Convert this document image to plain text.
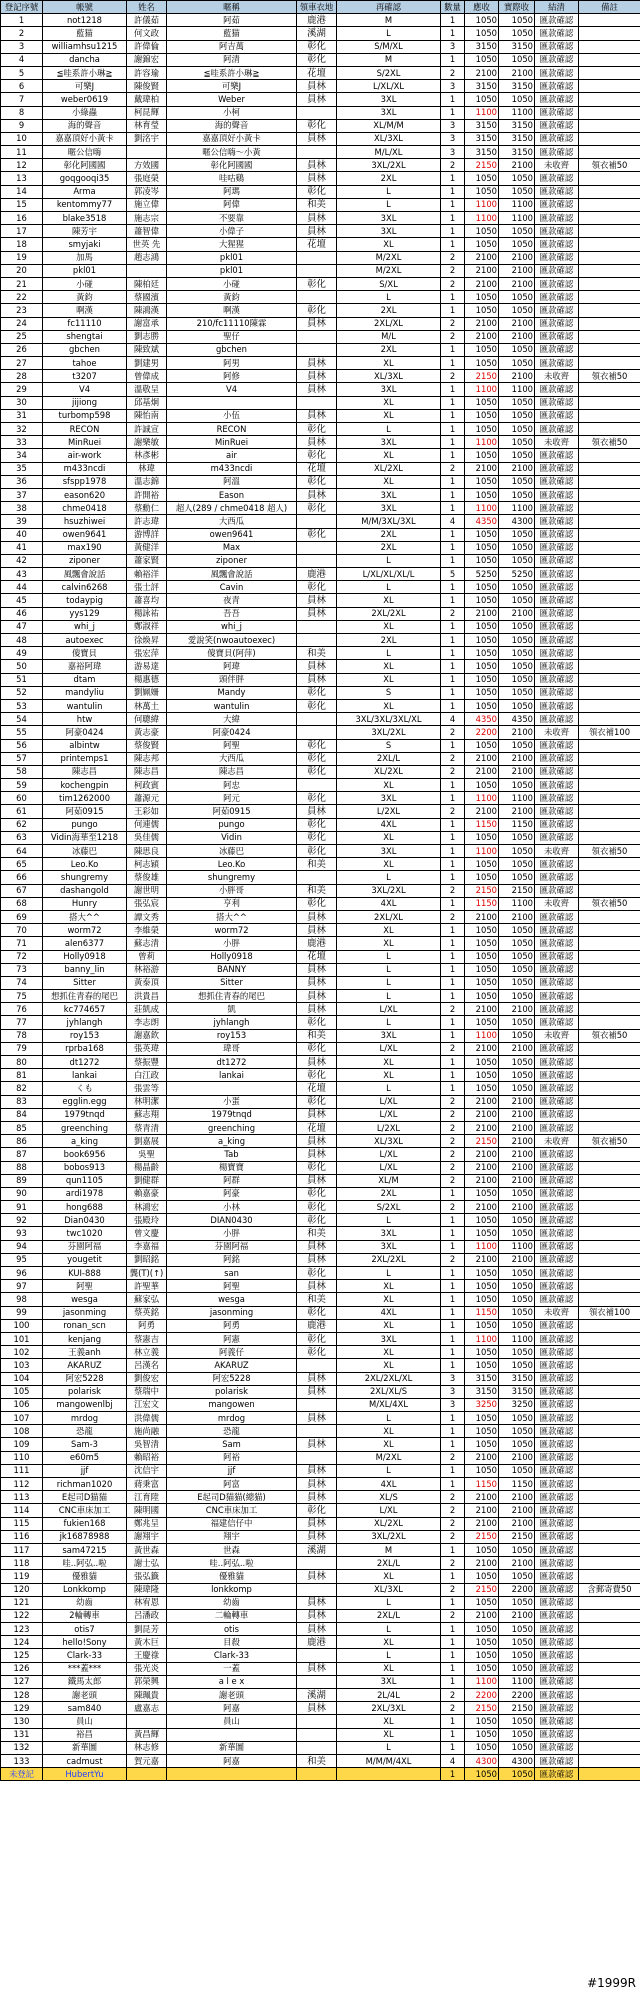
登記序號	帳號	姓名	暱稱	領車衣地	再確認	數量	應收	實際收	結清	備註
1	not1218	許儀茹	阿茹	鹿港	M	1	1050	1050	匯款確認	
2	藍猫	何文政	藍猫	溪湖	L	1	1050	1050	匯款確認	
3	williamhsu1215	許偉倫	阿吉萬	彰化	S/M/XL	3	3150	3150	匯款確認	
4	dancha	謝錦宏	阿清	彰化	M	1	1050	1050	匯款確認	
5	≦哇系許小琳≧	許容瑜	≦哇系許小琳≧	花壇	S/2XL	2	2100	2100	匯款確認	
6	可樂J	陳俊賢	可樂J	員林	L/XL/XL	3	3150	3150	匯款確認	
7	weber0619	戴瑋柏	Weber	員林	3XL	1	1050	1050	匯款確認	
8	小綠蟲	柯昆輝	小柯		3XL	1	1100	1100	匯款確認	
9	海的聲音	林育瑩	海的聲音	彰化	XL/M/M	3	3150	3150	匯款確認	
10	嘉嘉頂好小黃卡	劉洺宇	嘉嘉頂好小黃卡	員林	XL/3XL	3	3150	3150	匯款確認	
11	暱公信嗨		暱公信嗨～小黃		M/L/XL	3	3150	3150	匯款確認	
12	彰化阿國國	方效國	彰化阿國國	員林	3XL/2XL	2	2150	2100	未收齊	領衣補50
13	goqgooqi35	張庭榮	哇咕鷄	員林	2XL	1	1050	1050	匯款確認	
14	Arma	郭凌岑	阿瑪	彰化	L	1	1050	1050	匯款確認	
15	kentommy77	施立偉	阿偉	和美	L	1	1100	1100	匯款確認	
16	blake3518	施志宗	不要靠	員林	3XL	1	1100	1100	匯款確認	
17	陳芳宇	蕭智偉	小偉子	員林	3XL	1	1050	1050	匯款確認	
18	smyjaki	世英 先	大猩猩	花壇	XL	1	1050	1050	匯款確認	
19	加馬	趙志鴻	pkl01		M/2XL	2	2100	2100	匯款確認	
20	pkl01		pkl01		M/2XL	2	2100	2100	匯款確認	
21	小碰	陳柏廷	小碰	彰化	S/XL	2	2100	2100	匯款確認	
22	黃鈞	蔡國濱	黃鈞		L	1	1050	1050	匯款確認	
23	啊漢	陳鴻漢	啊漢	彰化	2XL	1	1050	1050	匯款確認	
24	fc11110	謝富承	210/fc11110陳霖	員林	2XL/XL	2	2100	2100	匯款確認	
25	shengtai	劉志勝	聖仔		M/L	2	2100	2100	匯款確認	
26	gbchen	陳致斌	gbchen		2XL	1	1050	1050	匯款確認	
27	tahoe	劉建男	阿男	員林	XL	1	1050	1050	匯款確認	
28	t3207	曾偉成	阿修	員林	XL/3XL	2	2150	2100	未收齊	領衣補50
29	V4	溫敬呈	V4	員林	3XL	1	1100	1100	匯款確認	
30	jijiong	邱基炯			XL	1	1050	1050	匯款確認	
31	turbomp598	陳怡南	小伍	員林	XL	1	1050	1050	匯款確認	
32	RECON	許誠宣	RECON	彰化	L	1	1050	1050	匯款確認	
33	MinRuei	謝樂敏	MinRuei	員林	3XL	1	1100	1050	未收齊	領衣補50
34	air-work	林彥彬	air	彰化	XL	1	1050	1050	匯款確認	
35	m433ncdi	林瑋	m433ncdi	花壇	XL/2XL	2	2100	2100	匯款確認	
36	sfspp1978	溫志錦	阿溫	彰化	XL	1	1050	1050	匯款確認	
37	eason620	許開裕	Eason	員林	3XL	1	1050	1050	匯款確認	
38	chme0418	蔡勳仁	超人(289 / chme0418 超人)	彰化	3XL	1	1100	1100	匯款確認	
39	hsuzhiwei	許志瑋	大西瓜		M/M/3XL/3XL	4	4350	4300	匯款確認	
40	owen9641	游博詳	owen9641	彰化	2XL	1	1050	1050	匯款確認	
41	max190	黃健洋	Max		2XL	1	1050	1050	匯款確認	
42	ziponer	蕭家賢	ziponer		L	1	1050	1050	匯款確認	
43	風飄會說話	賴裕洋	風飄會說話	鹿港	L/XL/XL/XL/L	5	5250	5250	匯款確認	
44	calvin6268	張士評	Cavin	彰化	L	1	1050	1050	匯款確認	
45	todaypig	蕭喜均	夜青	員林	XL	1	1050	1050	匯款確認	
46	yys129	楊詠祐	吾吾	員林	2XL/2XL	2	2100	2100	匯款確認	
47	whi_j	鄭淑祥	whi_j		XL	1	1050	1050	匯款確認	
48	autoexec	徐煥昇	愛說笑(nwoautoexec)		2XL	1	1050	1050	匯款確認	
49	傻寶貝	張宏萍	傻寶貝(阿萍)	和美	L	1	1050	1050	匯款確認	
50	嘉裕阿瑋	游易達	阿瑋	員林	XL	1	1050	1050	匯款確認	
51	dtam	楊惠德	頭伴胖	員林	XL	1	1050	1050	匯款確認	
52	mandyliu	劉姵姍	Mandy	彰化	S	1	1050	1050	匯款確認	
53	wantulin	林萬土	wantulin	彰化	XL	1	1050	1050	匯款確認	
54	htw	何聰緯	大緯		3XL/3XL/3XL/XL	4	4350	4350	匯款確認	
55	阿豪0424	黃志豪	阿豪0424		3XL/2XL	2	2200	2100	未收齊	領衣補100
56	albintw	蔡俊賢	阿聖	彰化	S	1	1050	1050	匯款確認	
57	printemps1	陳志邦	大西瓜	彰化	2XL/L	2	2100	2100	匯款確認	
58	陳志昌	陳志昌	陳志昌	彰化	XL/2XL	2	2100	2100	匯款確認	
59	kochengpin	柯政賓	阿忠		XL	1	1050	1050	匯款確認	
60	tim1262000	蕭源元	阿元	彰化	3XL	1	1100	1100	匯款確認	
61	阿茹0915	王彩如	阿茹0915	員林	L/2XL	2	2100	2100	匯款確認	
62	pungo	何連儒	pungo	彰化	4XL	1	1150	1150	匯款確認	
63	Vidin海華至1218	吳佳儒	Vidin	彰化	XL	1	1050	1050	匯款確認	
64	冰藤巴	陳思良	冰藤巴	彰化	3XL	1	1100	1050	未收齊	領衣補50
65	Leo.Ko	柯志穎	Leo.Ko	和美	XL	1	1050	1050	匯款確認	
66	shungremy	蔡俊雄	shungremy		L	1	1050	1050	匯款確認	
67	dashangold	謝世明	小胖哥	和美	3XL/2XL	2	2150	2150	匯款確認	
68	Hunry	張弘宸	亨利	彰化	4XL	1	1150	1100	未收齊	領衣補50
69	搭大^^	譚文秀	搭大^^	員林	2XL/XL	2	2100	2100	匯款確認	
70	worm72	李維榮	worm72	員林	XL	1	1050	1050	匯款確認	
71	alen6377	蘇志清	小胖	鹿港	XL	1	1050	1050	匯款確認	
72	Holly0918	曾莉	Holly0918	花壇	L	1	1050	1050	匯款確認	
73	banny_lin	林裕游	BANNY	員林	L	1	1050	1050	匯款確認	
74	Sitter	黃泰頂	Sitter	員林	L	1	1050	1050	匯款確認	
75	想抓住青春的尾巴	洪貴昌	想抓住青春的尾巴	員林	L	1	1050	1050	匯款確認	
76	kc774657	莊凱成	凱	員林	L/XL	2	2100	2100	匯款確認	
77	jyhlangh	李志朗	jyhlangh	彰化	L	1	1050	1050	匯款確認	
78	roy153	謝嘉欽	roy153	和美	3XL	1	1100	1050	未收齊	領衣補50
79	rprba168	張英瑋	瑋哥	彰化	L/XL	2	2100	2100	匯款確認	
80	dt1272	蔡振豐	dt1272	員林	XL	1	1050	1050	匯款確認	
81	lankai	白江政	lankai	彰化	XL	1	1050	1050	匯款確認	
82	くも	張雲等		花壇	L	1	1050	1050	匯款確認	
83	egglin.egg	林明潔	小蛋	彰化	L/XL	2	2100	2100	匯款確認	
84	1979tnqd	蘇志翔	1979tnqd	員林	L/XL	2	2100	2100	匯款確認	
85	greenching	蔡青清	greenching	花壇	L/2XL	2	2100	2100	匯款確認	
86	a_king	劉嘉展	a_king	員林	XL/3XL	2	2150	2100	未收齊	領衣補50
87	book6956	吳聖	Tab	員林	L/XL	2	2100	2100	匯款確認	
88	bobos913	楊晶齡	楊寶寶	彰化	L/XL	2	2100	2100	匯款確認	
89	qun1105	劉健群	阿群	員林	XL/M	2	2100	2100	匯款確認	
90	ardi1978	賴嘉豪	阿豪	彰化	2XL	1	1050	1050	匯款確認	
91	hong688	林鴻宏	小林	彰化	S/2XL	2	2100	2100	匯款確認	
92	Dian0430	張殿玲	DIAN0430	彰化	L	1	1050	1050	匯款確認	
93	twc1020	曾文慶	小胖	和美	3XL	1	1050	1050	匯款確認	
94	芬園阿福	李嘉福	芬園阿福	員林	3XL	1	1100	1100	匯款確認	
95	yougetit	劉昭銘	阿銘	員林	2XL/2XL	2	2100	2100	匯款確認	
96	KUI-888	龔(T)(↑)	san	彰化	L	1	1050	1050	匯款確認	
97	阿聖	許聖華	阿聖	員林	XL	1	1050	1050	匯款確認	
98	wesga	蘇家弘	wesga	和美	XL	1	1050	1050	匯款確認	
99	jasonming	蔡英銘	jasonming	彰化	4XL	1	1150	1050	未收齊	領衣補100
100	ronan_scn	阿勇	阿勇	鹿港	XL	1	1050	1050	匯款確認	
101	kenjang	蔡憲吉	阿憲	彰化	3XL	1	1100	1100	匯款確認	
102	王義anh	林立義	阿義仔	彰化	XL	1	1050	1050	匯款確認	
103	AKARUZ	呂漢名	AKARUZ		XL	1	1050	1050	匯款確認	
104	阿宏5228	劉俊宏	阿宏5228	員林	2XL/2XL/XL	3	3150	3150	匯款確認	
105	polarisk	蔡瑞中	polarisk	員林	2XL/XL/S	3	3150	3150	匯款確認	
106	mangowenlbj	江宏文	mangowen		M/XL/4XL	3	3250	3250	匯款確認	
107	mrdog	洪偉儒	mrdog	員林	L	1	1050	1050	匯款確認	
108	恐龍	施尚融	恐龍		XL	1	1050	1050	匯款確認	
109	Sam-3	吳智清	Sam	員林	XL	1	1050	1050	匯款確認	
110	e60m5	賴昭裕	阿裕		M/2XL	2	2100	2100	匯款確認	
111	jjf	沈信宇	jjf	員林	L	1	1050	1050	匯款確認	
112	richman1020	蔣秉富	阿富	員林	4XL	1	1150	1150	匯款確認	
113	E起司D猫猫	江育陞	E起司D猫猫(總猫)	員林	XL/S	2	2100	2100	匯款確認	
114	CNC車床加工	陳明國	CNC車床加工	彰化	L/XL	2	2100	2100	匯款確認	
115	fukien168	鄭兆呈	福建信仔中	員林	XL/2XL	2	2100	2100	匯款確認	
116	jk16878988	謝翔宇	翔宇	員林	3XL/2XL	2	2150	2150	匯款確認	
117	sam47215	黃世森	世森	溪湖	M	1	1050	1050	匯款確認	
118	哇..阿弘..啦	謝士弘	哇..阿弘..啦		2XL/L	2	2100	2100	匯款確認	
119	優雅貓	張弘籤	優雅貓	員林	XL	1	1050	1050	匯款確認	
120	Lonkkomp	陳瑋隆	lonkkomp		XL/3XL	2	2150	2200	匯款確認	含郵寄費50
121	幼齒	林宥恩	幼齒	員林	L	1	1050	1050	匯款確認	
122	2輪轉車	呂潘政	二輪轉車	員林	2XL/L	2	2100	2100	匯款確認	
123	otis7	劉昆芳	otis	員林	L	1	1050	1050	匯款確認	
124	hello!Sony	黃木巨	目殺	鹿港	XL	1	1050	1050	匯款確認	
125	Clark-33	王慶祿	Clark-33		L	1	1050	1050	匯款確認	
126	***蓋***	張光炎	一蓋	員林	XL	1	1050	1050	匯款確認	
127	鐵馬太郎	郭榮興	a l e x		3XL	1	1100	1100	匯款確認	
128	謝老頭	陳珮貴	謝老頭	溪湖	2L/4L	2	2200	2200	匯款確認	
129	sam840	盧嘉志	阿嘉	員林	2XL/3XL	2	2150	2150	匯款確認	
130	員山		員山		XL	1	1050	1050	匯款確認	
131	裕昌	黃昌輝			XL	1	1050	1050	匯款確認	
132	新華圖	林志修	新華圖		L	1	1050	1050	匯款確認	
133	cadmust	賀元嘉	阿嘉	和美	M/M/M/4XL	4	4300	4300	匯款確認	
未登記	HubertYu					1	1050	1050	匯款確認	
#1999R
